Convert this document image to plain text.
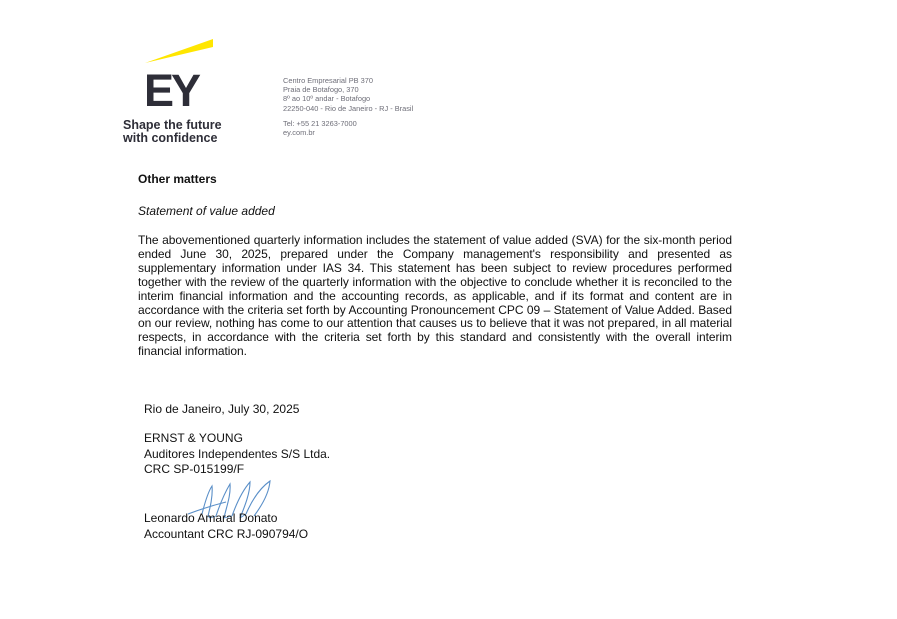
EY
Shape the future
with confidence
Centro Empresarial PB 370
Praia de Botafogo, 370
8º ao 10º andar - Botafogo
22250-040 - Rio de Janeiro - RJ - Brasil
Tel: +55 21 3263-7000
ey.com.br
Other matters
Statement of value added
The abovementioned quarterly information includes the statement of value added (SVA) for the six-month period ended June 30, 2025, prepared under the Company management's responsibility and presented as supplementary information under IAS 34. This statement has been subject to review procedures performed together with the review of the quarterly information with the objective to conclude whether it is reconciled to the interim financial information and the accounting records, as applicable, and if its format and content are in accordance with the criteria set forth by Accounting Pronouncement CPC 09 – Statement of Value Added. Based on our review, nothing has come to our attention that causes us to believe that it was not prepared, in all material respects, in accordance with the criteria set forth by this standard and consistently with the overall interim financial information.
Rio de Janeiro, July 30, 2025
ERNST & YOUNG
Auditores Independentes S/S Ltda.
CRC SP-015199/F
Leonardo Amaral Donato
Accountant CRC RJ-090794/O
